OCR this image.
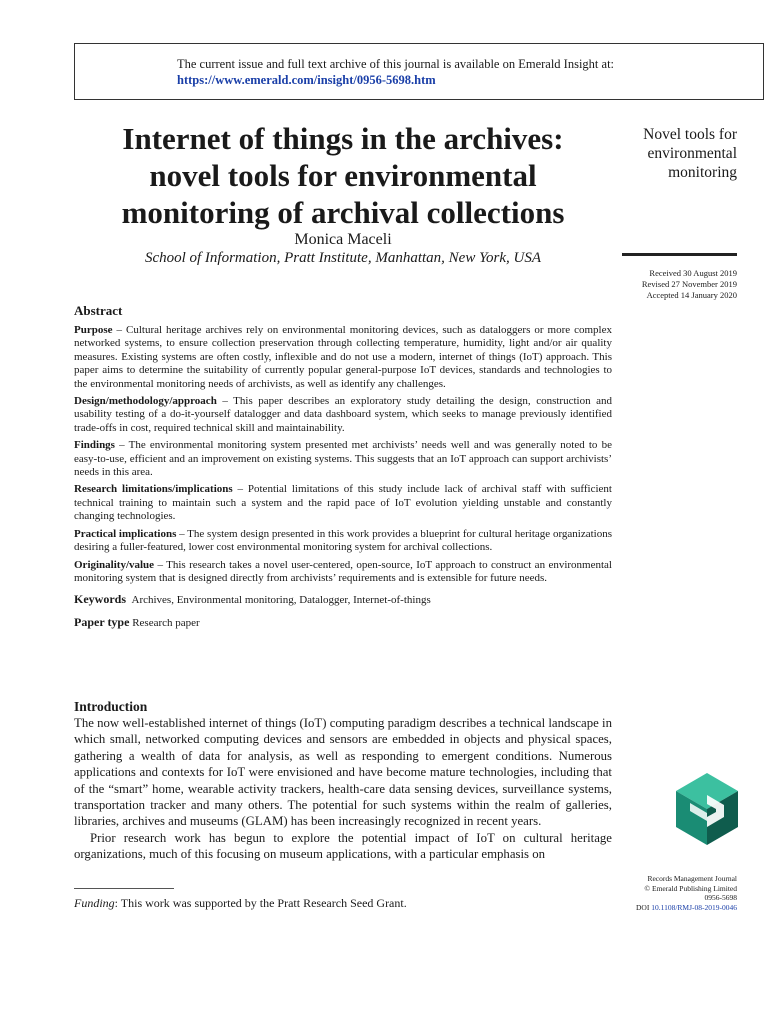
The current issue and full text archive of this journal is available on Emerald Insight at:
https://www.emerald.com/insight/0956-5698.htm
Internet of things in the archives:
novel tools for environmental
monitoring of archival collections
Monica Maceli
School of Information, Pratt Institute, Manhattan, New York, USA
Novel tools for
environmental
monitoring
Received 30 August 2019
Revised 27 November 2019
Accepted 14 January 2020
Abstract

Purpose – Cultural heritage archives rely on environmental monitoring devices, such as dataloggers or more complex networked systems, to ensure collection preservation through collecting temperature, humidity, light and/or air quality measures. Existing systems are often costly, inflexible and do not use a modern, internet of things (IoT) approach. This paper aims to determine the suitability of currently popular general-purpose IoT devices, standards and technologies to the environmental monitoring needs of archivists, as well as identify any challenges.

Design/methodology/approach – This paper describes an exploratory study detailing the design, construction and usability testing of a do-it-yourself datalogger and data dashboard system, which seeks to manage previously identified trade-offs in cost, required technical skill and maintainability.

Findings – The environmental monitoring system presented met archivists’ needs well and was generally noted to be easy-to-use, efficient and an improvement on existing systems. This suggests that an IoT approach can support archivists’ needs in this area.

Research limitations/implications – Potential limitations of this study include lack of archival staff with sufficient technical training to maintain such a system and the rapid pace of IoT evolution yielding unstable and constantly changing technologies.

Practical implications – The system design presented in this work provides a blueprint for cultural heritage organizations desiring a fuller-featured, lower cost environmental monitoring system for archival collections.

Originality/value – This research takes a novel user-centered, open-source, IoT approach to construct an environmental monitoring system that is designed directly from archivists’ requirements and is extensible for future needs.

Keywords Archives, Environmental monitoring, Datalogger, Internet-of-things

Paper type Research paper

Introduction

The now well-established internet of things (IoT) computing paradigm describes a technical landscape in which small, networked computing devices and sensors are embedded in objects and physical spaces, gathering a wealth of data for analysis, as well as responding to emergent conditions. Numerous applications and contexts for IoT were envisioned and have become mature technologies, including that of the “smart” home, wearable activity trackers, health-care data sensing devices, surveillance systems, transportation tracker and many others. The potential for such systems within the realm of galleries, libraries, archives and museums (GLAM) has been increasingly recognized in recent years.

Prior research work has begun to explore the potential impact of IoT on cultural heritage organizations, much of this focusing on museum applications, with a particular emphasis on

Funding: This work was supported by the Pratt Research Seed Grant.
Records Management Journal
© Emerald Publishing Limited
0956-5698
DOI 10.1108/RMJ-08-2019-0046
